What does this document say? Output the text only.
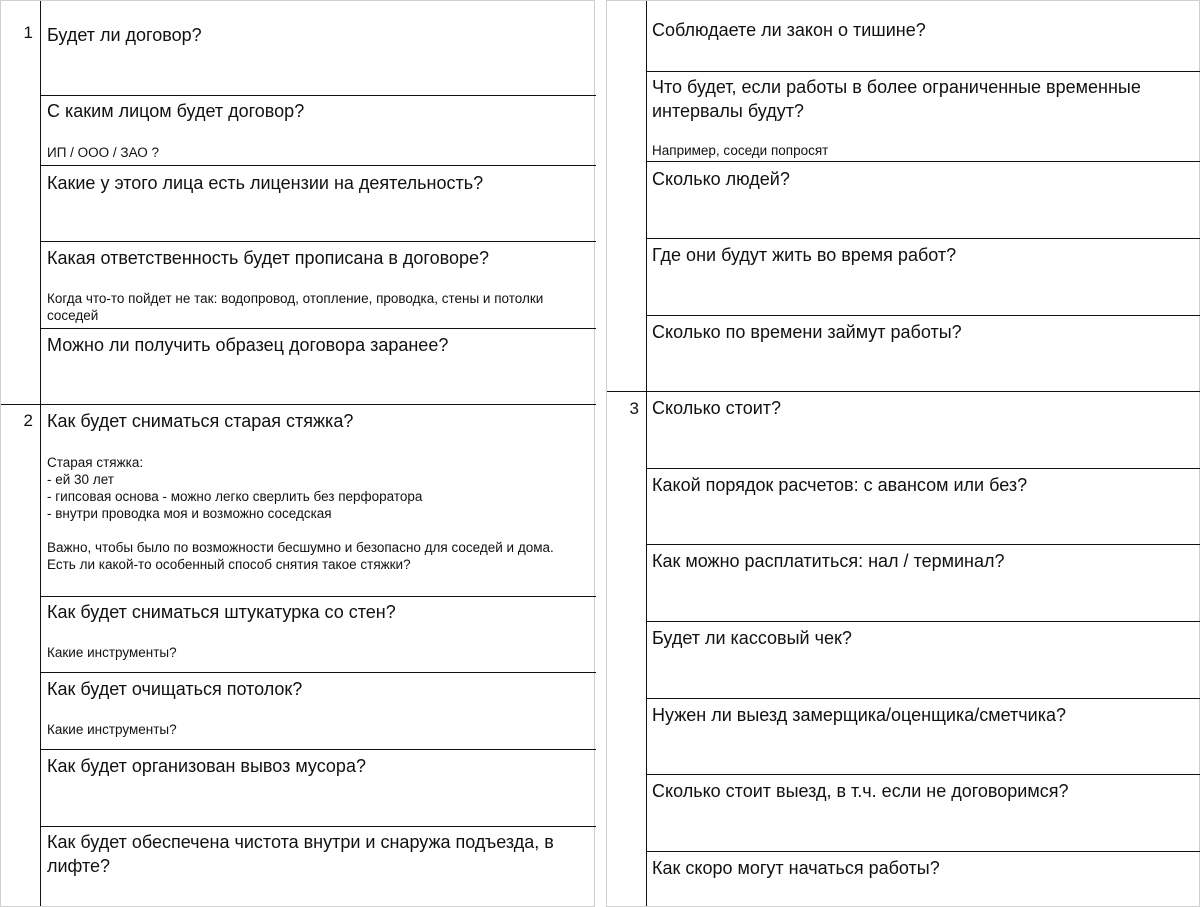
1
2
Будет ли договор?
С каким лицом будет договор?
ИП / ООО / ЗАО ?
Какие у этого лица есть лицензии на деятельность?
Какая ответственность будет прописана в договоре?
Когда что-то пойдет не так: водопровод, отопление, проводка, стены и потолки соседей
Можно ли получить образец договора заранее?
Как будет сниматься старая стяжка?
Старая стяжка:
- ей 30 лет
- гипсовая основа - можно легко сверлить без перфоратора
- внутри проводка моя и возможно соседская

Важно, чтобы было по возможности бесшумно и безопасно для соседей и дома.
Есть ли какой-то особенный способ снятия такое стяжки?
Как будет сниматься штукатурка со стен?
Какие инструменты?
Как будет очищаться потолок?
Какие инструменты?
Как будет организован вывоз мусора?
Как будет обеспечена чистота внутри и снаружа подъезда, в лифте?
3
Соблюдаете ли закон о тишине?
Что будет, если работы в более ограниченные временные интервалы будут?
Например, соседи попросят
Сколько людей?
Где они будут жить во время работ?
Сколько по времени займут работы?
Сколько стоит?
Какой порядок расчетов: с авансом или без?
Как можно расплатиться: нал / терминал?
Будет ли кассовый чек?
Нужен ли выезд замерщика/оценщика/сметчика?
Сколько стоит выезд, в т.ч. если не договоримся?
Как скоро могут начаться работы?
